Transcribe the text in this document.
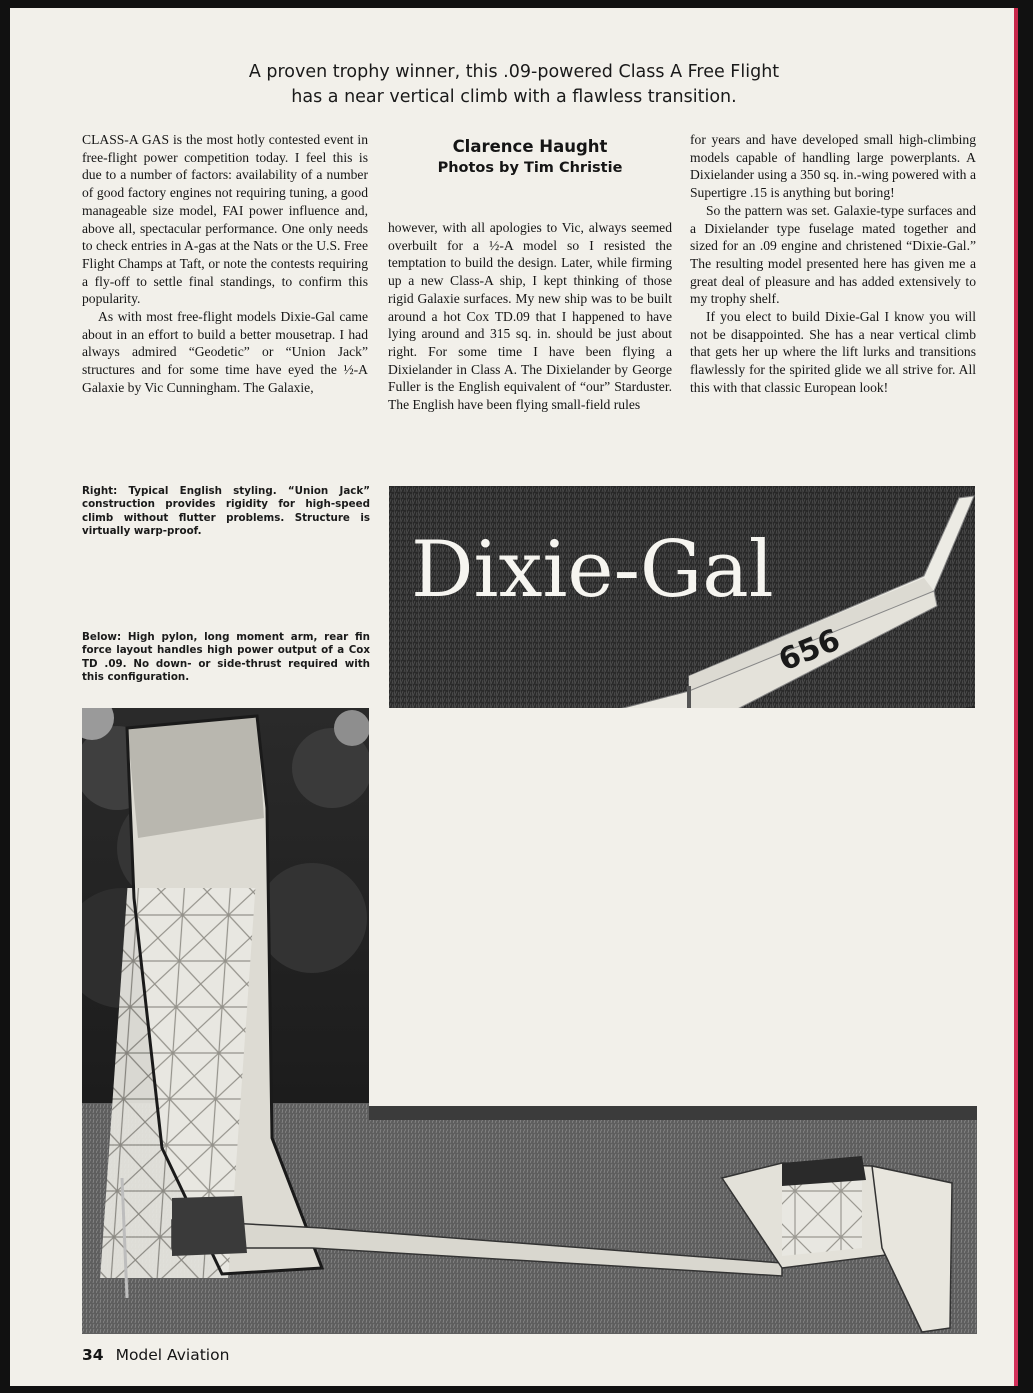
A proven trophy winner, this .09-powered Class A Free Flight
has a near vertical climb with a flawless transition.

CLASS-A GAS is the most hotly contested event in free-flight power competition today. I feel this is due to a number of factors: availability of a number of good factory engines not requiring tuning, a good manageable size model, FAI power influence and, above all, spectacular performance. One only needs to check entries in A-gas at the Nats or the U.S. Free Flight Champs at Taft, or note the contests requiring a fly-off to settle final standings, to confirm this popularity.

As with most free-flight models Dixie-Gal came about in an effort to build a better mousetrap. I had always admired “Geodetic” or “Union Jack” structures and for some time have eyed the ½-A Galaxie by Vic Cunningham. The Galaxie,

Clarence Haught
Photos by Tim Christie

however, with all apologies to Vic, always seemed overbuilt for a ½-A model so I resisted the temptation to build the design. Later, while firming up a new Class-A ship, I kept thinking of those rigid Galaxie surfaces. My new ship was to be built around a hot Cox TD.09 that I happened to have lying around and 315 sq. in. should be just about right. For some time I have been flying a Dixielander in Class A. The Dixielander by George Fuller is the English equivalent of “our” Starduster. The English have been flying small-field rules

for years and have developed small high-climbing models capable of handling large powerplants. A Dixielander using a 350 sq. in.-wing powered with a Supertigre .15 is anything but boring!

So the pattern was set. Galaxie-type surfaces and a Dixielander type fuselage mated together and sized for an .09 engine and christened “Dixie-Gal.” The resulting model presented here has given me a great deal of pleasure and has added extensively to my trophy shelf.

If you elect to build Dixie-Gal I know you will not be disappointed. She has a near vertical climb that gets her up where the lift lurks and transitions flawlessly for the spirited glide we all strive for. All this with that classic European look!

Right: Typical English styling. “Union Jack” construction provides rigidity for high-speed climb without flutter problems. Structure is virtually warp-proof.
Below: High pylon, long moment arm, rear fin force layout handles high power output of a Cox TD .09. No down- or side-thrust required with this configuration.	656
Dixie-Gal
34 Model Aviation
